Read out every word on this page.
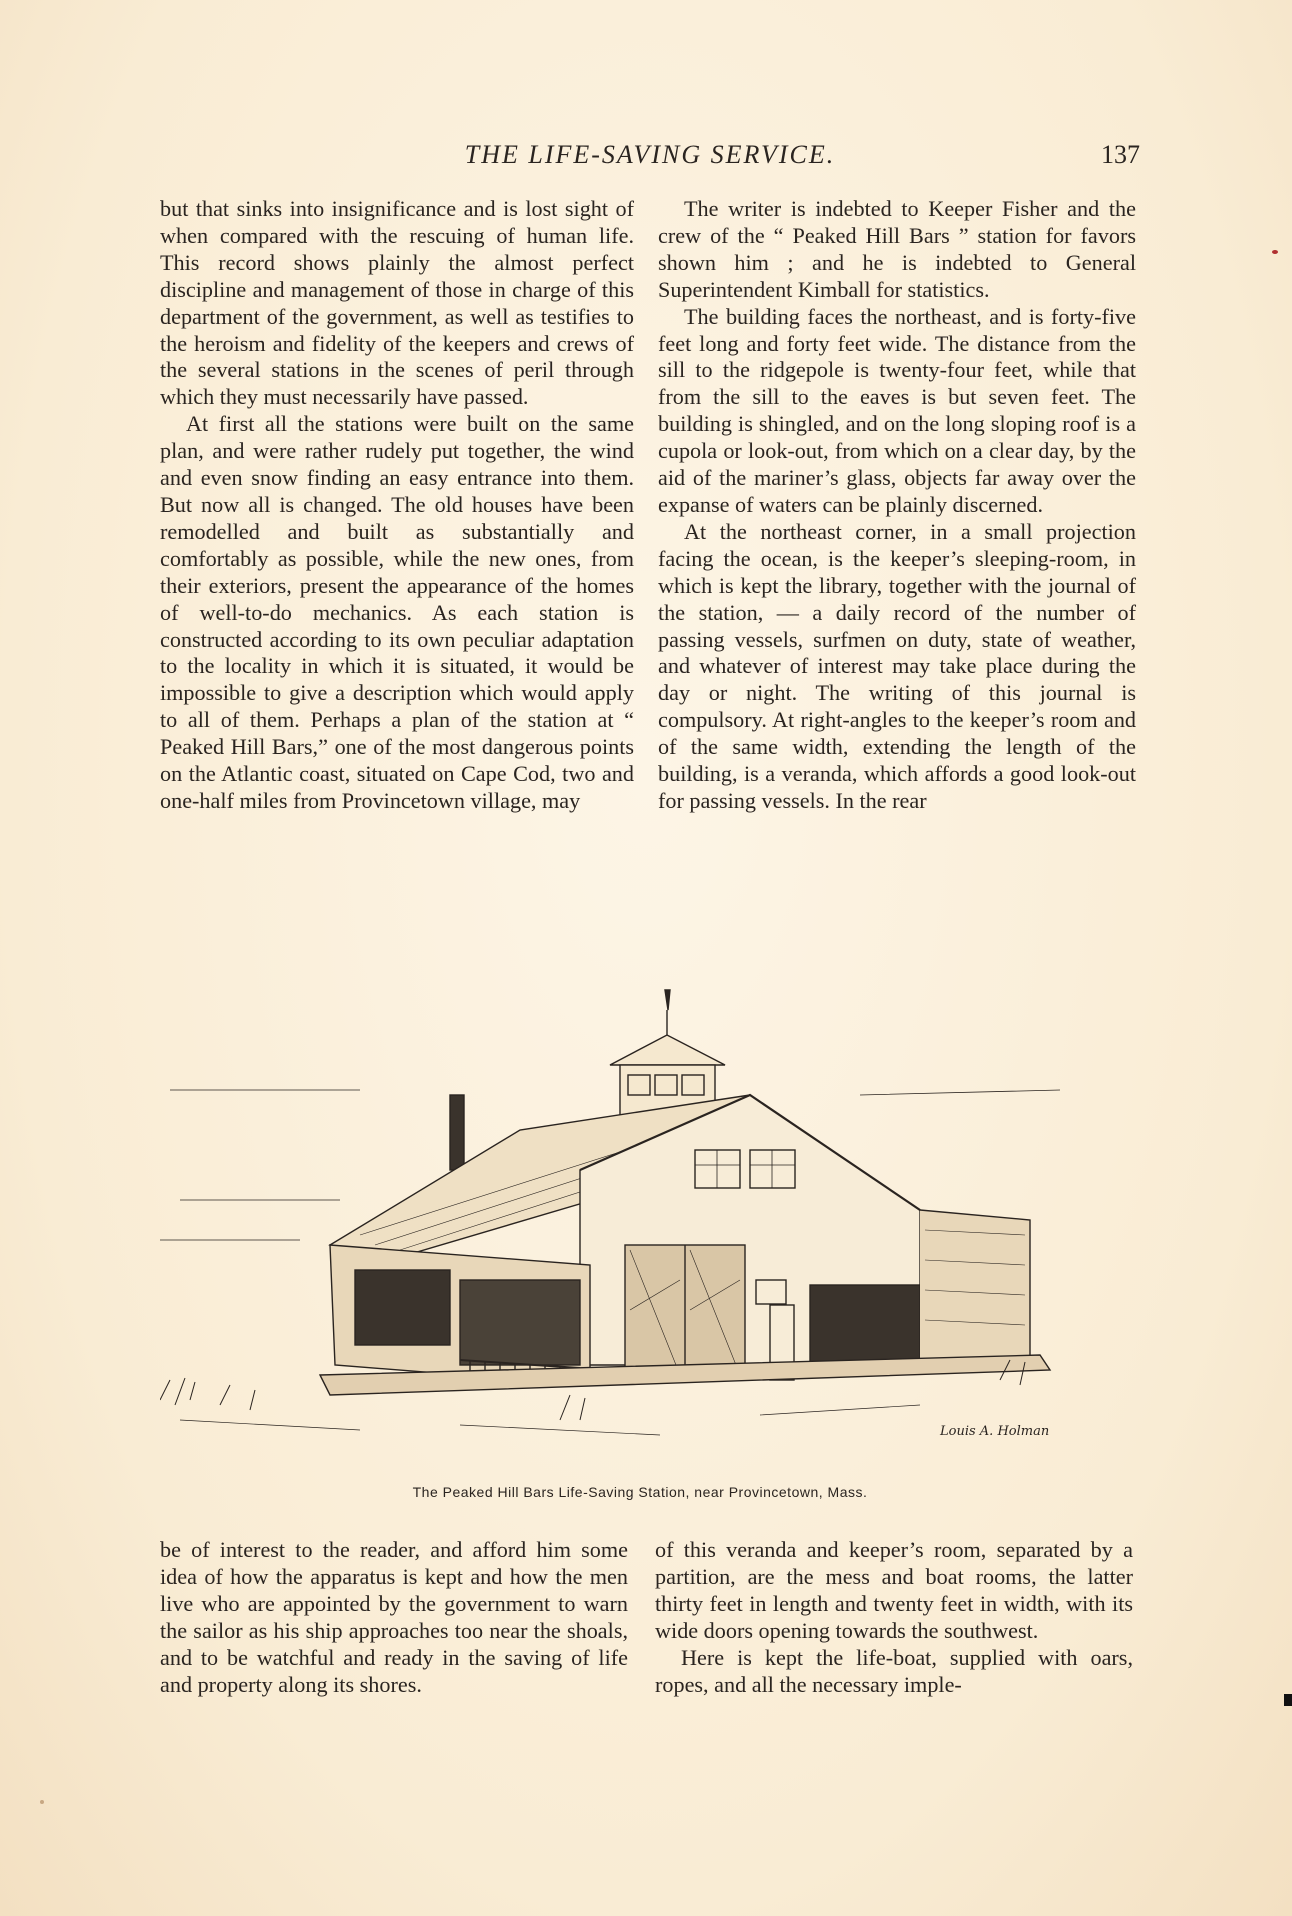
THE LIFE-SAVING SERVICE.	137

but that sinks into insignificance and is lost sight of when compared with the rescuing of human life. This record shows plainly the almost perfect discipline and management of those in charge of this department of the government, as well as testifies to the heroism and fidelity of the keepers and crews of the several stations in the scenes of peril through which they must necessarily have passed.

At first all the stations were built on the same plan, and were rather rudely put together, the wind and even snow finding an easy entrance into them. But now all is changed. The old houses have been remodelled and built as substantially and comfortably as possible, while the new ones, from their exteriors, present the appearance of the homes of well-to-do mechanics. As each station is constructed according to its own peculiar adaptation to the locality in which it is situated, it would be impossible to give a description which would apply to all of them. Perhaps a plan of the station at “ Peaked Hill Bars,” one of the most dangerous points on the Atlantic coast, situated on Cape Cod, two and one-half miles from Provincetown village, may

The writer is indebted to Keeper Fisher and the crew of the “ Peaked Hill Bars ” station for favors shown him ; and he is indebted to General Superintendent Kimball for statistics.

The building faces the northeast, and is forty-five feet long and forty feet wide. The distance from the sill to the ridgepole is twenty-four feet, while that from the sill to the eaves is but seven feet. The building is shingled, and on the long sloping roof is a cupola or look-out, from which on a clear day, by the aid of the mariner’s glass, objects far away over the expanse of waters can be plainly discerned.

At the northeast corner, in a small projection facing the ocean, is the keeper’s sleeping-room, in which is kept the library, together with the journal of the station, — a daily record of the number of passing vessels, surfmen on duty, state of weather, and whatever of interest may take place during the day or night. The writing of this journal is compulsory. At right-angles to the keeper’s room and of the same width, extending the length of the building, is a veranda, which affords a good look-out for passing vessels. In the rear

Louis A. Holman
The Peaked Hill Bars Life-Saving Station, near Provincetown, Mass.

be of interest to the reader, and afford him some idea of how the apparatus is kept and how the men live who are appointed by the government to warn the sailor as his ship approaches too near the shoals, and to be watchful and ready in the saving of life and property along its shores.

of this veranda and keeper’s room, separated by a partition, are the mess and boat rooms, the latter thirty feet in length and twenty feet in width, with its wide doors opening towards the southwest.

Here is kept the life-boat, supplied with oars, ropes, and all the necessary imple-
